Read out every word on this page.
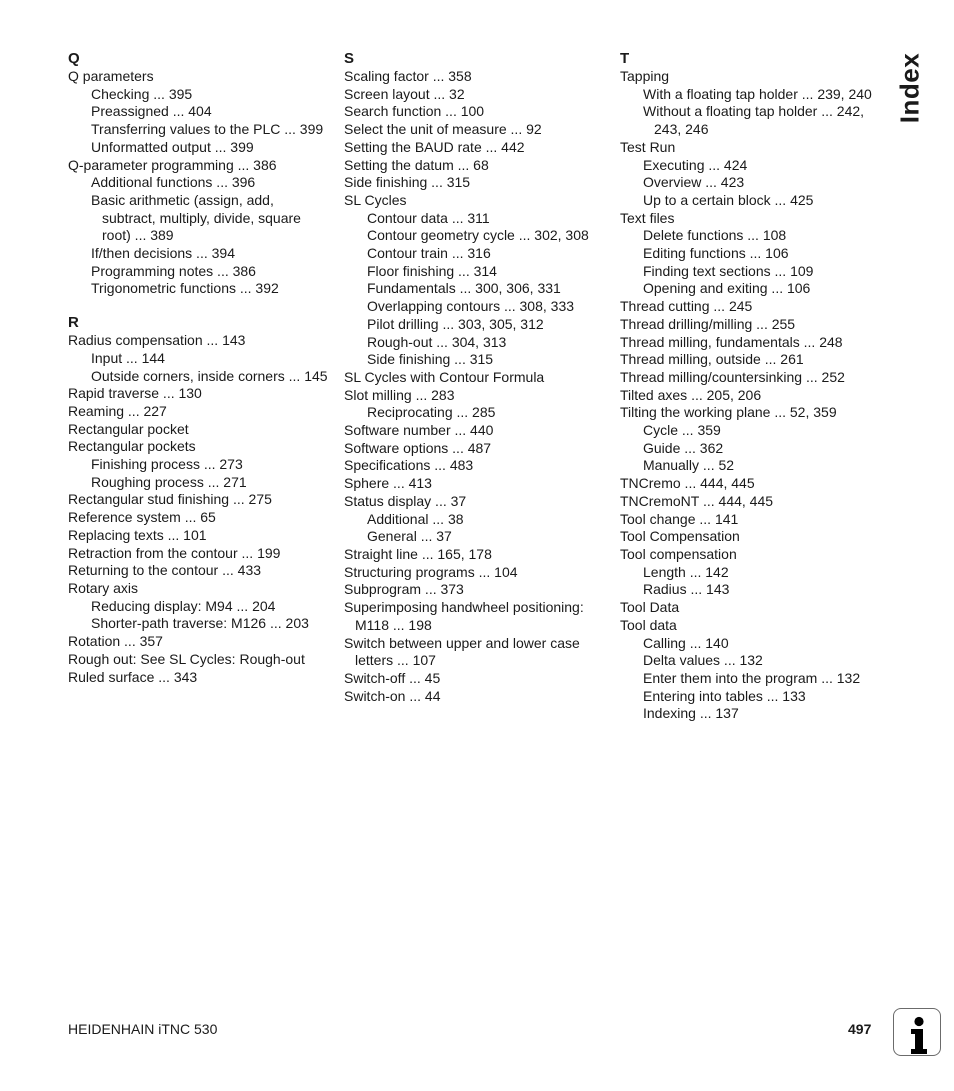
Q
Q parameters
Checking ... 395
Preassigned ... 404
Transferring values to the PLC ... 399
Unformatted output ... 399
Q-parameter programming ... 386
Additional functions ... 396
Basic arithmetic (assign, add, subtract, multiply, divide, square root) ... 389
If/then decisions ... 394
Programming notes ... 386
Trigonometric functions ... 392
R
Radius compensation ... 143
Input ... 144
Outside corners, inside corners ... 145
Rapid traverse ... 130
Reaming ... 227
Rectangular pocket
Rectangular pockets
Finishing process ... 273
Roughing process ... 271
Rectangular stud finishing ... 275
Reference system ... 65
Replacing texts ... 101
Retraction from the contour ... 199
Returning to the contour ... 433
Rotary axis
Reducing display: M94 ... 204
Shorter-path traverse: M126 ... 203
Rotation ... 357
Rough out: See SL Cycles: Rough-out
Ruled surface ... 343
S
Scaling factor ... 358
Screen layout ... 32
Search function ... 100
Select the unit of measure ... 92
Setting the BAUD rate ... 442
Setting the datum ... 68
Side finishing ... 315
SL Cycles
Contour data ... 311
Contour geometry cycle ... 302, 308
Contour train ... 316
Floor finishing ... 314
Fundamentals ... 300, 306, 331
Overlapping contours ... 308, 333
Pilot drilling ... 303, 305, 312
Rough-out ... 304, 313
Side finishing ... 315
SL Cycles with Contour Formula
Slot milling ... 283
Reciprocating ... 285
Software number ... 440
Software options ... 487
Specifications ... 483
Sphere ... 413
Status display ... 37
Additional ... 38
General ... 37
Straight line ... 165, 178
Structuring programs ... 104
Subprogram ... 373
Superimposing handwheel positioning: M118 ... 198
Switch between upper and lower case letters ... 107
Switch-off ... 45
Switch-on ... 44
T
Tapping
With a floating tap holder ... 239, 240
Without a floating tap holder ... 242, 243, 246
Test Run
Executing ... 424
Overview ... 423
Up to a certain block ... 425
Text files
Delete functions ... 108
Editing functions ... 106
Finding text sections ... 109
Opening and exiting ... 106
Thread cutting ... 245
Thread drilling/milling ... 255
Thread milling, fundamentals ... 248
Thread milling, outside ... 261
Thread milling/countersinking ... 252
Tilted axes ... 205, 206
Tilting the working plane ... 52, 359
Cycle ... 359
Guide ... 362
Manually ... 52
TNCremo ... 444, 445
TNCremoNT ... 444, 445
Tool change ... 141
Tool Compensation
Tool compensation
Length ... 142
Radius ... 143
Tool Data
Tool data
Calling ... 140
Delta values ... 132
Enter them into the program ... 132
Entering into tables ... 133
Indexing ... 137
Index
HEIDENHAIN iTNC 530	497
